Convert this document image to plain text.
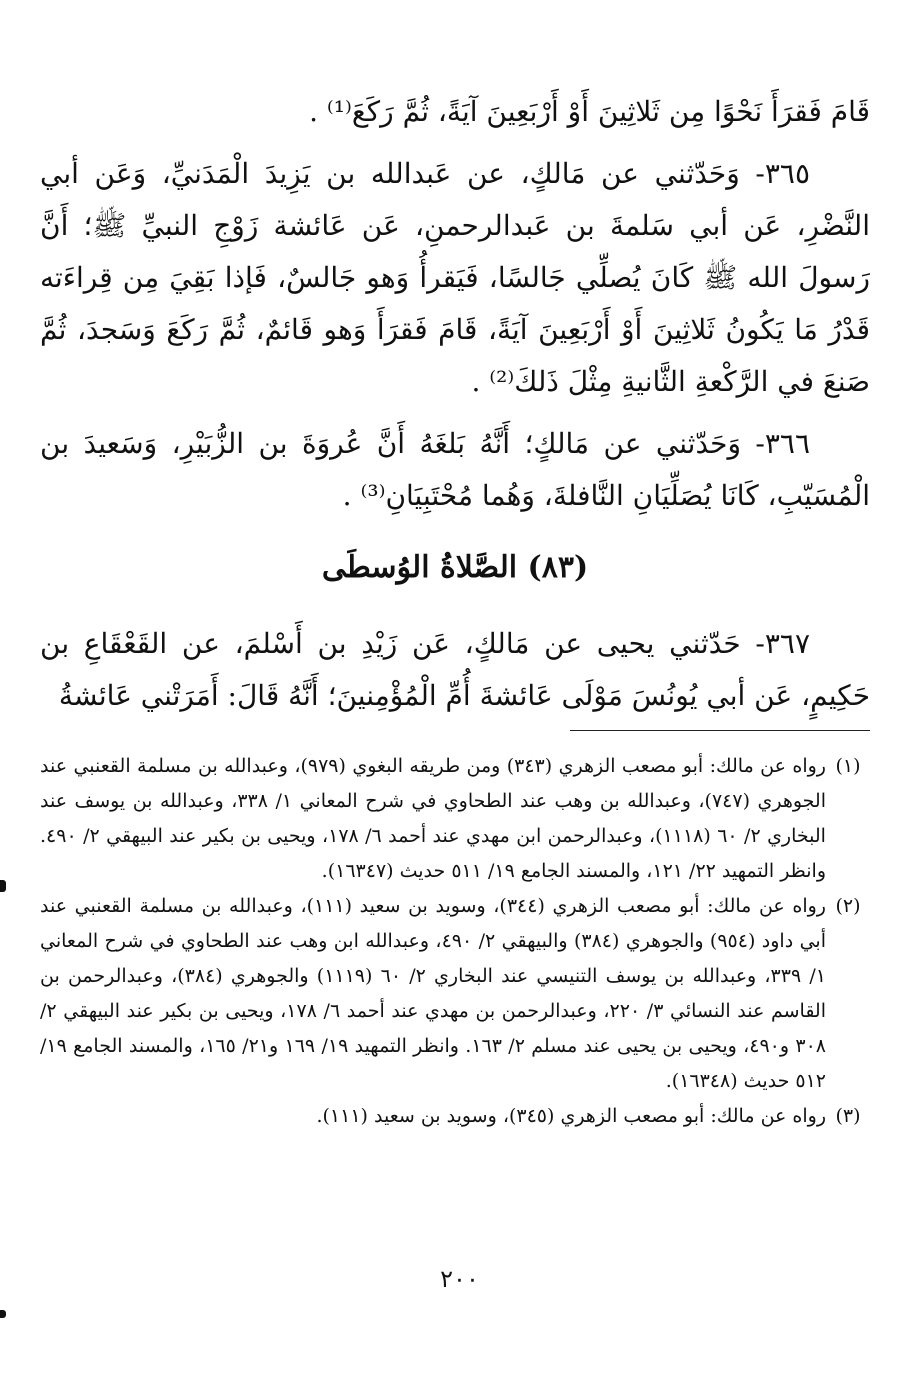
قَامَ فَقرَأَ نَحْوًا مِن ثَلاثِينَ أَوْ أَرْبَعِينَ آيَةً، ثُمَّ رَكَعَ⁽¹⁾ .

٣٦٥- وَحَدّثني عن مَالكٍ، عن عَبدالله بن يَزِيدَ الْمَدَنيِّ، وَعَن أبي النَّضْرِ، عَن أبي سَلمةَ بن عَبدالرحمنِ، عَن عَائشة زَوْجِ النبيِّ ﷺ؛ أَنَّ رَسولَ الله ﷺ كَانَ يُصلِّي جَالسًا، فَيَقرأُ وَهو جَالسٌ، فَإذا بَقِيَ مِن قِراءَته قَدْرُ مَا يَكُونُ ثَلاثِينَ أَوْ أَرْبَعِينَ آيَةً، قَامَ فَقرَأَ وَهو قَائمٌ، ثُمَّ رَكَعَ وَسَجدَ، ثُمَّ صَنعَ في الرَّكْعةِ الثَّانيةِ مِثْلَ ذَلكَ⁽²⁾ .

٣٦٦- وَحَدّثني عن مَالكٍ؛ أَنَّهُ بَلغَهُ أَنَّ عُروَةَ بن الزُّبَيْرِ، وَسَعيدَ بن الْمُسَيّبِ، كَانَا يُصَلِّيَانِ النَّافلةَ، وَهُما مُحْتَبِيَانِ⁽³⁾ .

(٨٣) الصَّلاةُ الوُسطَى

٣٦٧- حَدّثني يحيى عن مَالكٍ، عَن زَيْدِ بن أَسْلمَ، عن القَعْقَاعِ بن حَكِيمٍ، عَن أبي يُونُسَ مَوْلَى عَائشةَ أُمِّ الْمُؤْمِنينَ؛ أَنَّهُ قَالَ: أَمَرَتْني عَائشةُ

(١)
رواه عن مالك: أبو مصعب الزهري (٣٤٣) ومن طريقه البغوي (٩٧٩)، وعبدالله بن مسلمة القعنبي عند الجوهري (٧٤٧)، وعبدالله بن وهب عند الطحاوي في شرح المعاني ١/ ٣٣٨، وعبدالله بن يوسف عند البخاري ٢/ ٦٠ (١١١٨)، وعبدالرحمن ابن مهدي عند أحمد ٦/ ١٧٨، ويحيى بن بكير عند البيهقي ٢/ ٤٩٠. وانظر التمهيد ٢٢/ ١٢١، والمسند الجامع ١٩/ ٥١١ حديث (١٦٣٤٧).
(٢)
رواه عن مالك: أبو مصعب الزهري (٣٤٤)، وسويد بن سعيد (١١١)، وعبدالله بن مسلمة القعنبي عند أبي داود (٩٥٤) والجوهري (٣٨٤) والبيهقي ٢/ ٤٩٠، وعبدالله ابن وهب عند الطحاوي في شرح المعاني ١/ ٣٣٩، وعبدالله بن يوسف التنيسي عند البخاري ٢/ ٦٠ (١١١٩) والجوهري (٣٨٤)، وعبدالرحمن بن القاسم عند النسائي ٣/ ٢٢٠، وعبدالرحمن بن مهدي عند أحمد ٦/ ١٧٨، ويحيى بن بكير عند البيهقي ٢/ ٣٠٨ و٤٩٠، ويحيى بن يحيى عند مسلم ٢/ ١٦٣. وانظر التمهيد ١٩/ ١٦٩ و٢١/ ١٦٥، والمسند الجامع ١٩/ ٥١٢ حديث (١٦٣٤٨).
(٣)
رواه عن مالك: أبو مصعب الزهري (٣٤٥)، وسويد بن سعيد (١١١).
٢٠٠
